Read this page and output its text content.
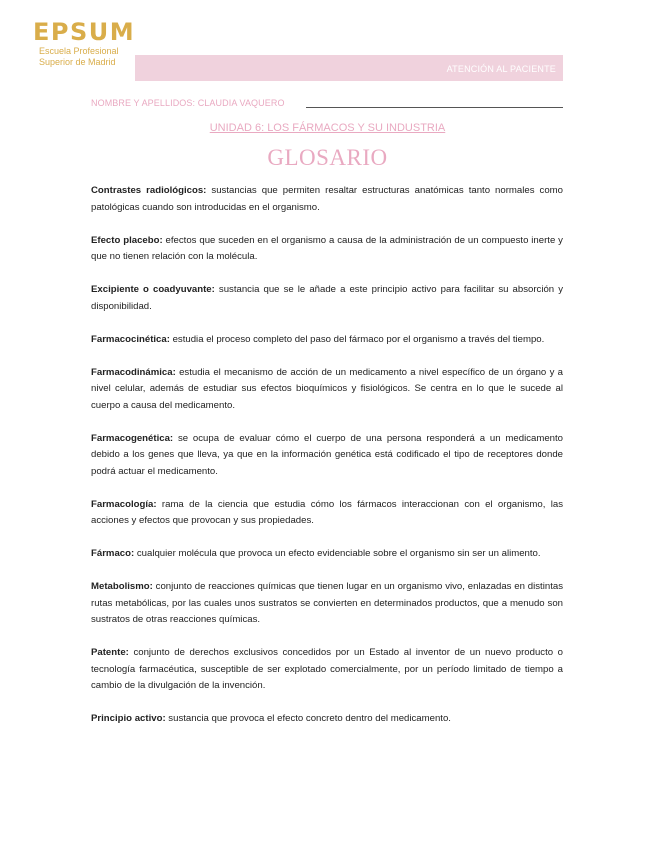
EPSUM
Escuela Profesional
Superior de Madrid
ATENCIÓN AL PACIENTE
NOMBRE Y APELLIDOS: CLAUDIA VAQUERO
UNIDAD 6: LOS FÁRMACOS Y SU INDUSTRIA
GLOSARIO

Contrastes radiológicos: sustancias que permiten resaltar estructuras anatómicas tanto normales como patológicas cuando son introducidas en el organismo.

Efecto placebo: efectos que suceden en el organismo a causa de la administración de un compuesto inerte y que no tienen relación con la molécula.

Excipiente o coadyuvante: sustancia que se le añade a este principio activo para facilitar su absorción y disponibilidad.

Farmacocinética: estudia el proceso completo del paso del fármaco por el organismo a través del tiempo.

Farmacodinámica: estudia el mecanismo de acción de un medicamento a nivel específico de un órgano y a nivel celular, además de estudiar sus efectos bioquímicos y fisiológicos. Se centra en lo que le sucede al cuerpo a causa del medicamento.

Farmacogenética: se ocupa de evaluar cómo el cuerpo de una persona responderá a un medicamento debido a los genes que lleva, ya que en la información genética está codificado el tipo de receptores donde podrá actuar el medicamento.

Farmacología: rama de la ciencia que estudia cómo los fármacos interaccionan con el organismo, las acciones y efectos que provocan y sus propiedades.

Fármaco: cualquier molécula que provoca un efecto evidenciable sobre el organismo sin ser un alimento.

Metabolismo: conjunto de reacciones químicas que tienen lugar en un organismo vivo, enlazadas en distintas rutas metabólicas, por las cuales unos sustratos se convierten en determinados productos, que a menudo son sustratos de otras reacciones químicas.

Patente: conjunto de derechos exclusivos concedidos por un Estado al inventor de un nuevo producto o tecnología farmacéutica, susceptible de ser explotado comercialmente, por un período limitado de tiempo a cambio de la divulgación de la invención.

Principio activo: sustancia que provoca el efecto concreto dentro del medicamento.
